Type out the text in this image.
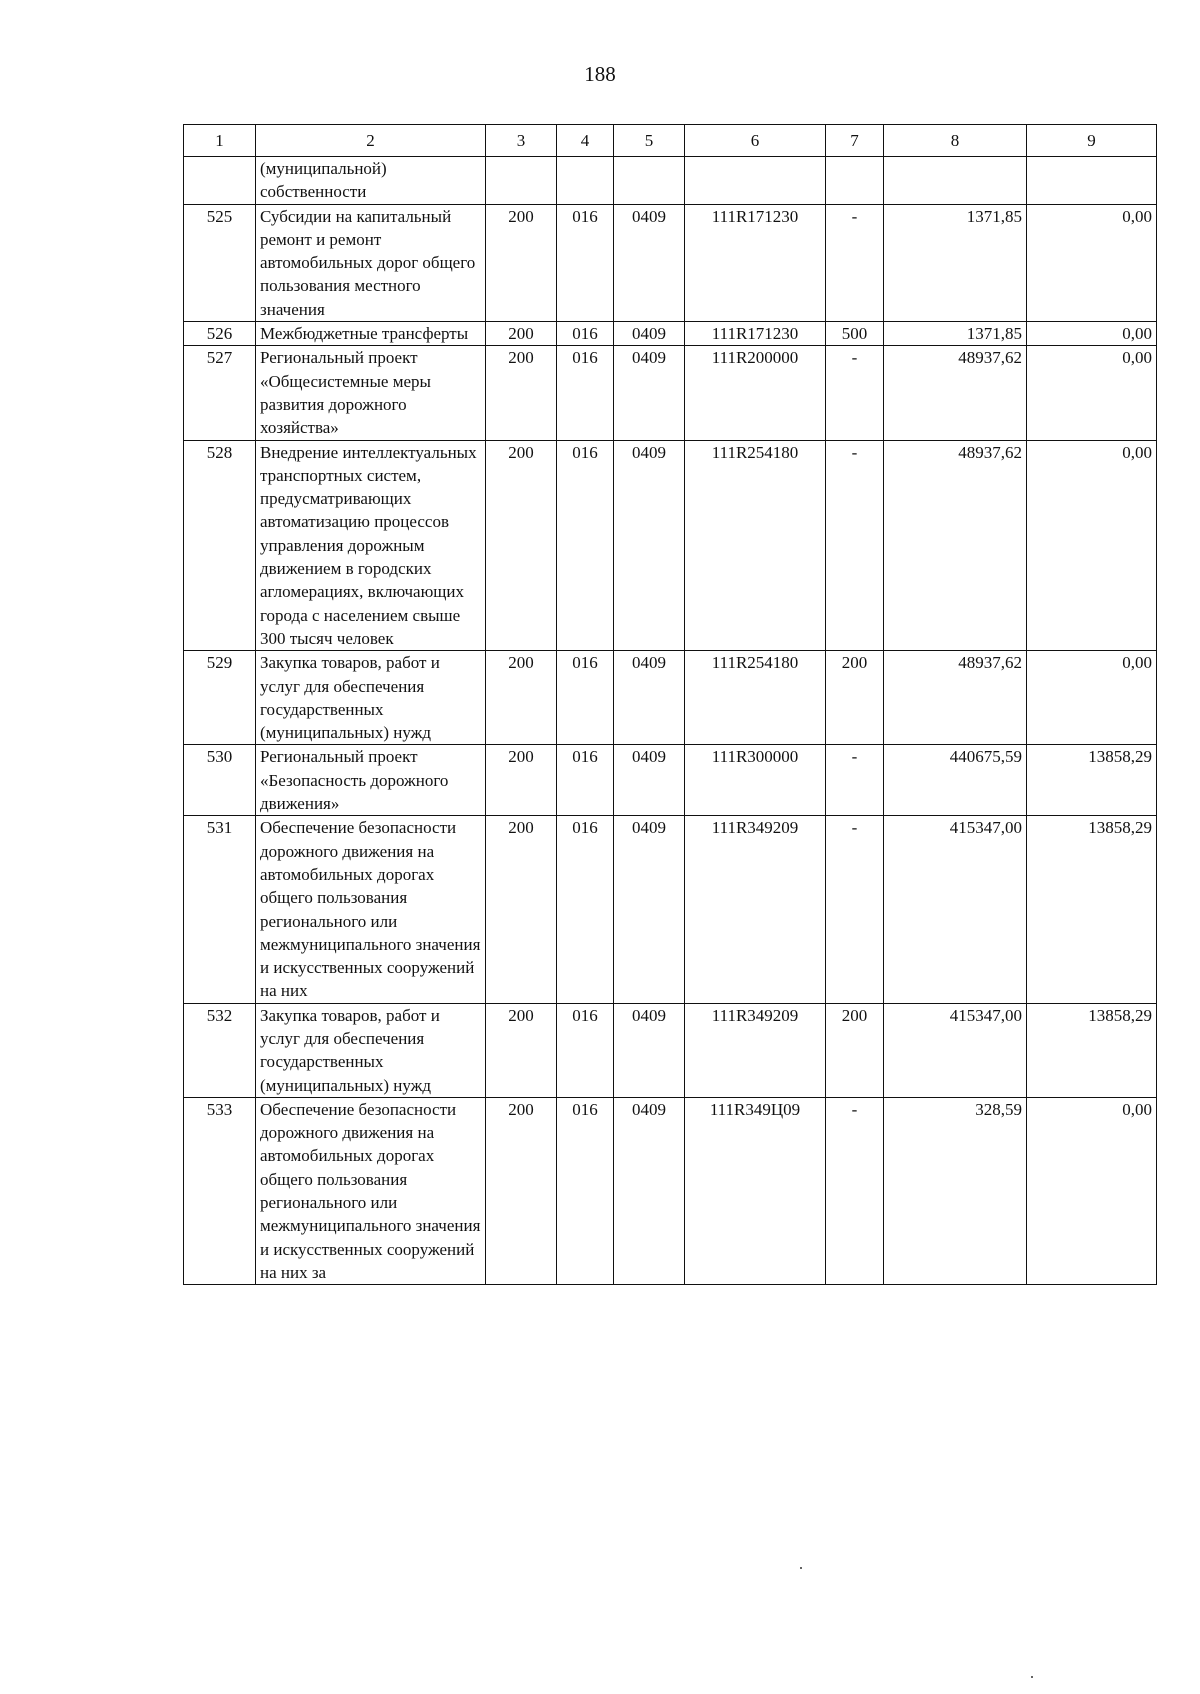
188
1	2	3	4	5	6	7	8	9
	(муниципальной) собственности							
525	Субсидии на капитальный ремонт и ремонт автомобильных дорог общего пользования местного значения	200	016	0409	111R171230	-	1371,85	0,00
526	Межбюджетные трансферты	200	016	0409	111R171230	500	1371,85	0,00
527	Региональный проект «Общесистемные меры развития дорожного хозяйства»	200	016	0409	111R200000	-	48937,62	0,00
528	Внедрение интеллектуальных транспортных систем, предусматривающих автоматизацию процессов управления дорожным движением в городских агломерациях, включающих города с населением свыше 300 тысяч человек	200	016	0409	111R254180	-	48937,62	0,00
529	Закупка товаров, работ и услуг для обеспечения государственных (муниципальных) нужд	200	016	0409	111R254180	200	48937,62	0,00
530	Региональный проект «Безопасность дорожного движения»	200	016	0409	111R300000	-	440675,59	13858,29
531	Обеспечение безопасности дорожного движения на автомобильных дорогах общего пользования регионального или межмуниципального значения и искусственных сооружений на них	200	016	0409	111R349209	-	415347,00	13858,29
532	Закупка товаров, работ и услуг для обеспечения государственных (муниципальных) нужд	200	016	0409	111R349209	200	415347,00	13858,29
533	Обеспечение безопасности дорожного движения на автомобильных дорогах общего пользования регионального или межмуниципального значения и искусственных сооружений на них за	200	016	0409	111R349Ц09	-	328,59	0,00
